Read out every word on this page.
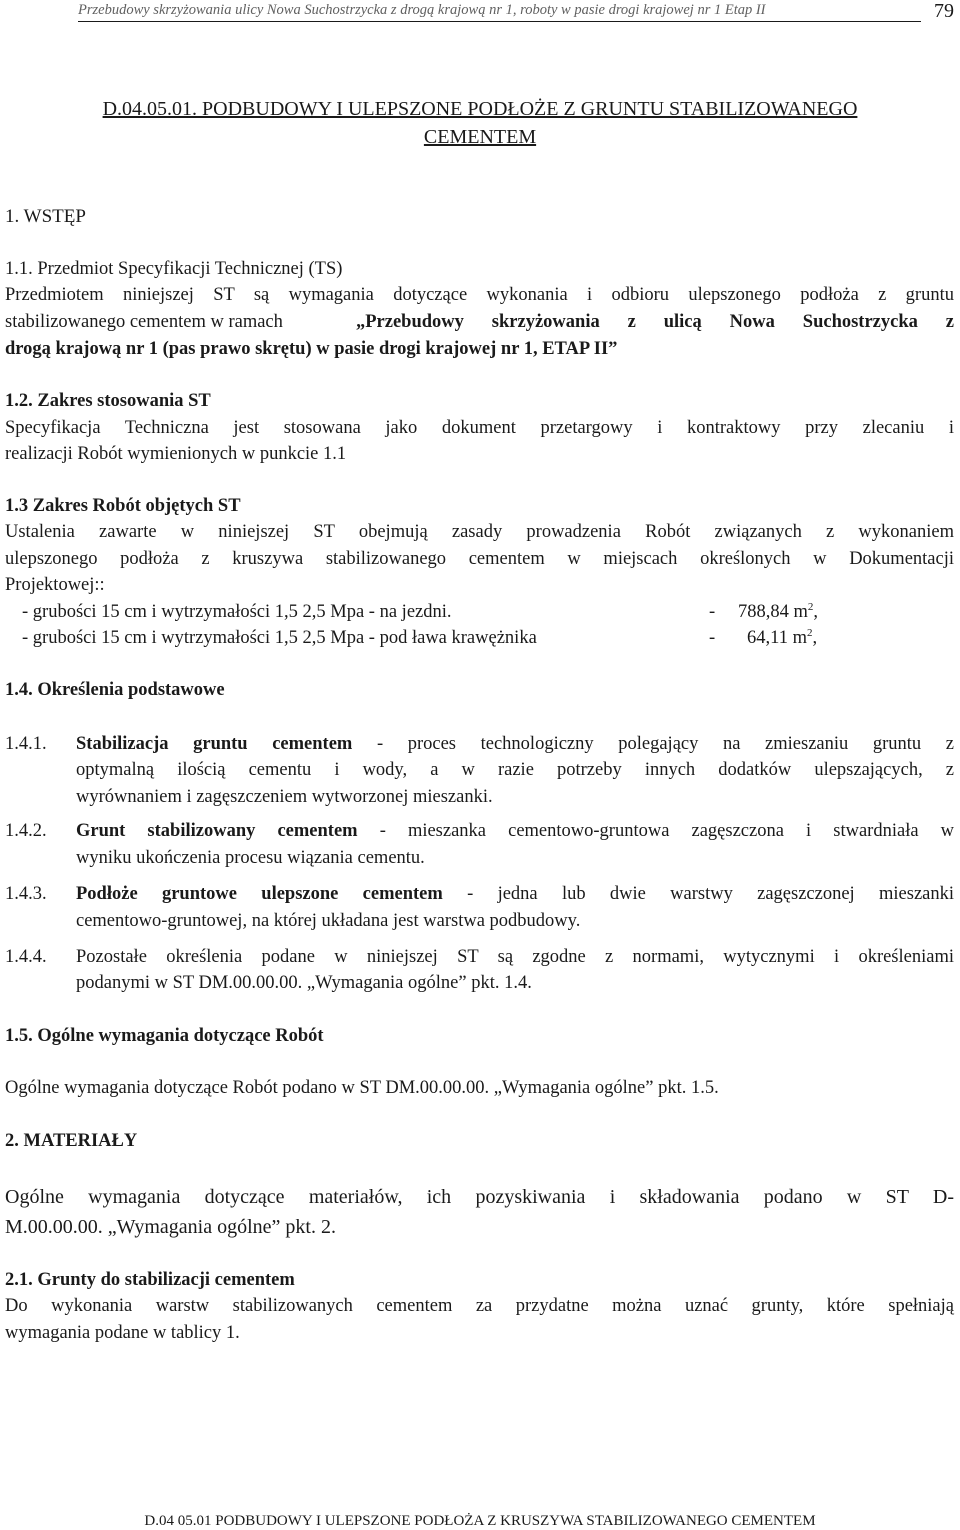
Przebudowy skrzyżowania ulicy Nowa Suchostrzycka z drogą krajową nr 1, roboty w pasie drogi krajowej nr 1 Etap II	79
D.04.05.01. PODBUDOWY I ULEPSZONE PODŁOŻE Z GRUNTU STABILIZOWANEGO
CEMENTEM
1. WSTĘP
1.1. Przedmiot Specyfikacji Technicznej (TS)
Przedmiotem niniejszej ST są wymagania dotyczące wykonania i odbioru ulepszonego podłoża z gruntu
stabilizowanego cementem w ramach	„Przebudowy skrzyżowania z ulicą Nowa Suchostrzycka z
drogą krajową nr 1 (pas prawo skrętu) w pasie drogi krajowej nr 1, ETAP II”
1.2. Zakres stosowania ST
Specyfikacja Techniczna jest stosowana jako dokument przetargowy i kontraktowy przy zlecaniu i
realizacji Robót wymienionych w punkcie 1.1
1.3 Zakres Robót objętych ST
Ustalenia zawarte w niniejszej ST obejmują zasady prowadzenia Robót związanych z wykonaniem
ulepszonego podłoża z kruszywa stabilizowanego cementem w miejscach określonych w Dokumentacji
Projektowej::
- grubości 15 cm i wytrzymałości 1,5 2,5 Mpa - na jezdni.	- 788,84 $m^2$,
- grubości 15 cm i wytrzymałości 1,5 2,5 Mpa - pod ława krawężnika	- 64,11 $m^2$,
1.4. Określenia podstawowe
1.4.1. Stabilizacja gruntu cementem - proces technologiczny polegający na zmieszaniu gruntu z
optymalną ilością cementu i wody, a w razie potrzeby innych dodatków ulepszających, z
wyrównaniem i zagęszczeniem wytworzonej mieszanki.
1.4.2. Grunt stabilizowany cementem - mieszanka cementowo-gruntowa zagęszczona i stwardniała w
wyniku ukończenia procesu wiązania cementu.
1.4.3. Podłoże gruntowe ulepszone cementem - jedna lub dwie warstwy zagęszczonej mieszanki
cementowo-gruntowej, na której układana jest warstwa podbudowy.
1.4.4. Pozostałe określenia podane w niniejszej ST są zgodne z normami, wytycznymi i określeniami
podanymi w ST DM.00.00.00. „Wymagania ogólne” pkt. 1.4.
1.5. Ogólne wymagania dotyczące Robót
Ogólne wymagania dotyczące Robót podano w ST DM.00.00.00. „Wymagania ogólne” pkt. 1.5.
2. MATERIAŁY
Ogólne wymagania dotyczące materiałów, ich pozyskiwania i składowania podano w ST D-
M.00.00.00. „Wymagania ogólne” pkt. 2.
2.1. Grunty do stabilizacji cementem
Do wykonania warstw stabilizowanych cementem za przydatne można uznać grunty, które spełniają
wymagania podane w tablicy 1.
D.04 05.01 PODBUDOWY I ULEPSZONE PODŁOŻA Z KRUSZYWA STABILIZOWANEGO CEMENTEM
